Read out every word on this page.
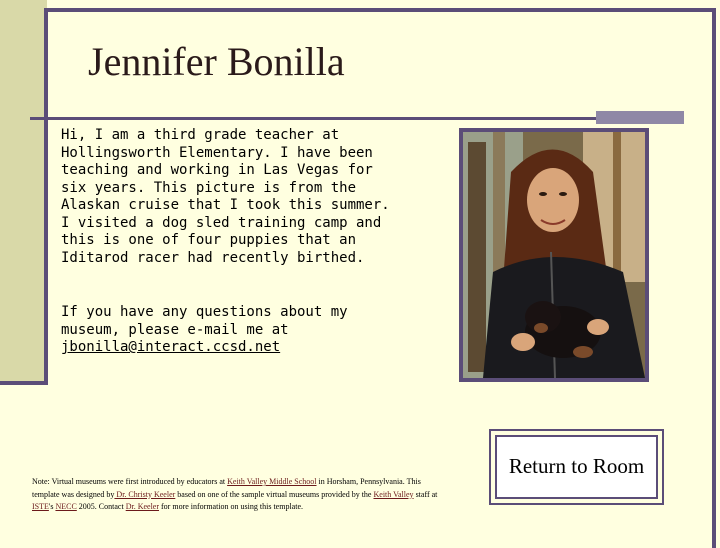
Jennifer Bonilla
Hi, I am a third grade teacher at Hollingsworth Elementary. I have been teaching and working in Las Vegas for six years. This picture is from the Alaskan cruise that I took this summer. I visited a dog sled training camp and this is one of four puppies that an Iditarod racer had recently birthed.
If you have any questions about my museum, please e-mail me at
jbonilla@interact.ccsd.net
Return to Room
Note: Virtual museums were first introduced by educators at Keith Valley Middle School in Horsham, Pennsylvania. This template was designed by Dr. Christy Keeler based on one of the sample virtual museums provided by the Keith Valley staff at ISTE's NECC 2005. Contact Dr. Keeler for more information on using this template.
